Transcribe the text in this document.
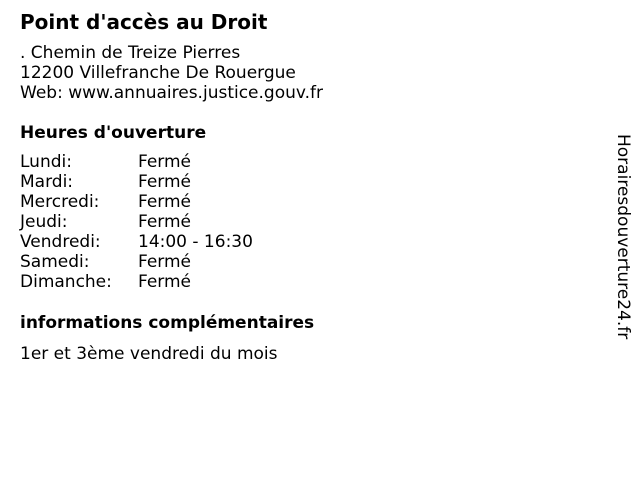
Point d'accès au Droit
. Chemin de Treize Pierres
12200 Villefranche De Rouergue
Web: www.annuaires.justice.gouv.fr
Heures d'ouverture
Lundi:	Fermé
Mardi:	Fermé
Mercredi: Fermé
Jeudi:	Fermé
Vendredi: 14:00 - 16:30
Samedi:	Fermé
Dimanche: Fermé
informations complémentaires
1er et 3ème vendredi du mois
Horairesdouverture24.fr
